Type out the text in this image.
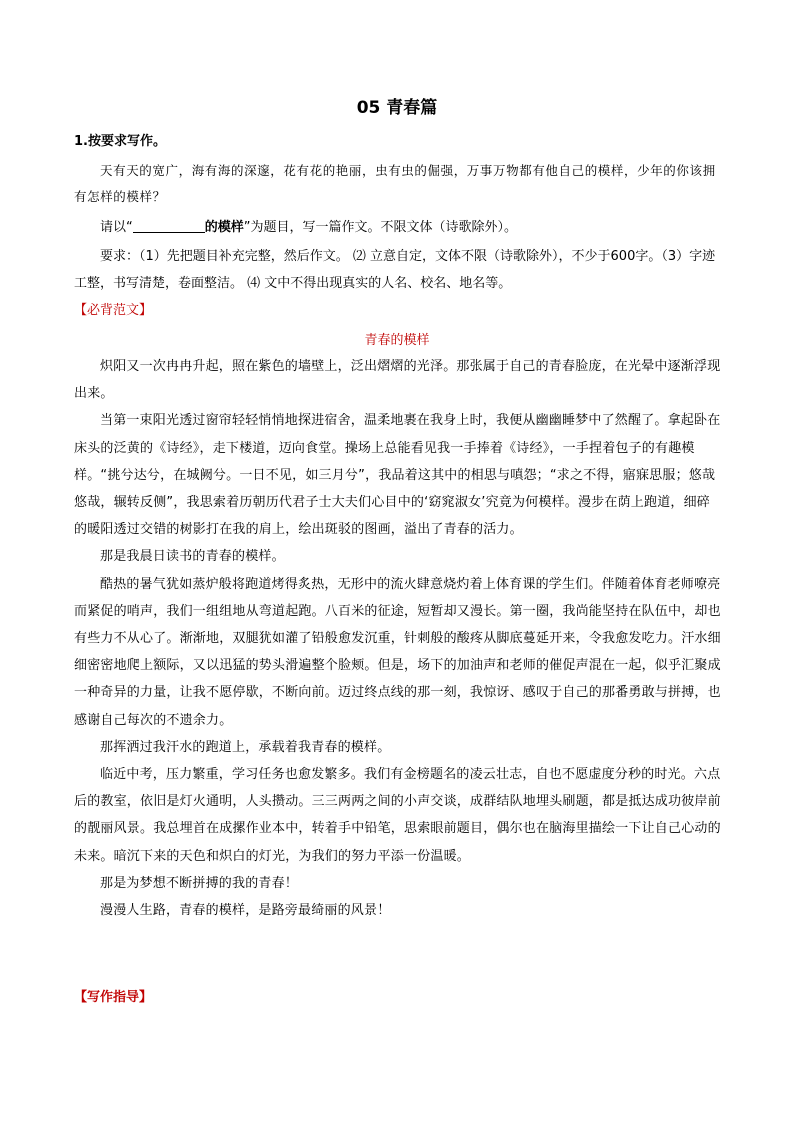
05 青春篇
1.按要求写作。
天有天的宽广，海有海的深邃，花有花的艳丽，虫有虫的倔强，万事万物都有他自己的模样，少年的你该拥有怎样的模样？
请以“	的模样”为题目，写一篇作文。不限文体（诗歌除外）。
要求：（1）先把题目补充完整，然后作文。 ⑵ 立意自定，文体不限（诗歌除外），不少于600字。（3）字迹工整，书写清楚，卷面整洁。 ⑷ 文中不得出现真实的人名、校名、地名等。
【必背范文】
青春的模样

炽阳又一次冉冉升起，照在紫色的墙壁上，泛出熠熠的光泽。那张属于自己的青春脸庞，在光晕中逐渐浮现出来。

当第一束阳光透过窗帘轻轻悄悄地探进宿舍，温柔地裹在我身上时，我便从幽幽睡梦中了然醒了。拿起卧在床头的泛黄的《诗经》，走下楼道，迈向食堂。操场上总能看见我一手捧着《诗经》，一手捏着包子的有趣模样。“挑兮达兮，在城阙兮。一日不见，如三月兮”，我品着这其中的相思与嗔怨；“求之不得，寤寐思服；悠哉悠哉，辗转反侧”，我思索着历朝历代君子士大夫们心目中的‘窈窕淑女’究竟为何模样。漫步在荫上跑道，细碎的暖阳透过交错的树影打在我的肩上，绘出斑驳的图画，溢出了青春的活力。

那是我晨日读书的青春的模样。

酷热的暑气犹如蒸炉般将跑道烤得炙热，无形中的流火肆意烧灼着上体育课的学生们。伴随着体育老师嘹亮而紧促的哨声，我们一组组地从弯道起跑。八百米的征途，短暂却又漫长。第一圈，我尚能坚持在队伍中，却也有些力不从心了。渐渐地，双腿犹如灌了铅般愈发沉重，针刺般的酸疼从脚底蔓延开来，令我愈发吃力。汗水细细密密地爬上额际，又以迅猛的势头滑遍整个脸颊。但是，场下的加油声和老师的催促声混在一起，似乎汇聚成一种奇异的力量，让我不愿停歇，不断向前。迈过终点线的那一刻，我惊讶、感叹于自己的那番勇敢与拼搏，也感谢自己每次的不遗余力。

那挥洒过我汗水的跑道上，承载着我青春的模样。

临近中考，压力繁重，学习任务也愈发繁多。我们有金榜题名的凌云壮志，自也不愿虚度分秒的时光。六点后的教室，依旧是灯火通明，人头攒动。三三两两之间的小声交谈，成群结队地埋头刷题，都是抵达成功彼岸前的靓丽风景。我总埋首在成摞作业本中，转着手中铅笔，思索眼前题目，偶尔也在脑海里描绘一下让自己心动的未来。暗沉下来的天色和炽白的灯光，为我们的努力平添一份温暖。

那是为梦想不断拼搏的我的青春！

漫漫人生路，青春的模样，是路旁最绮丽的风景！

【写作指导】
